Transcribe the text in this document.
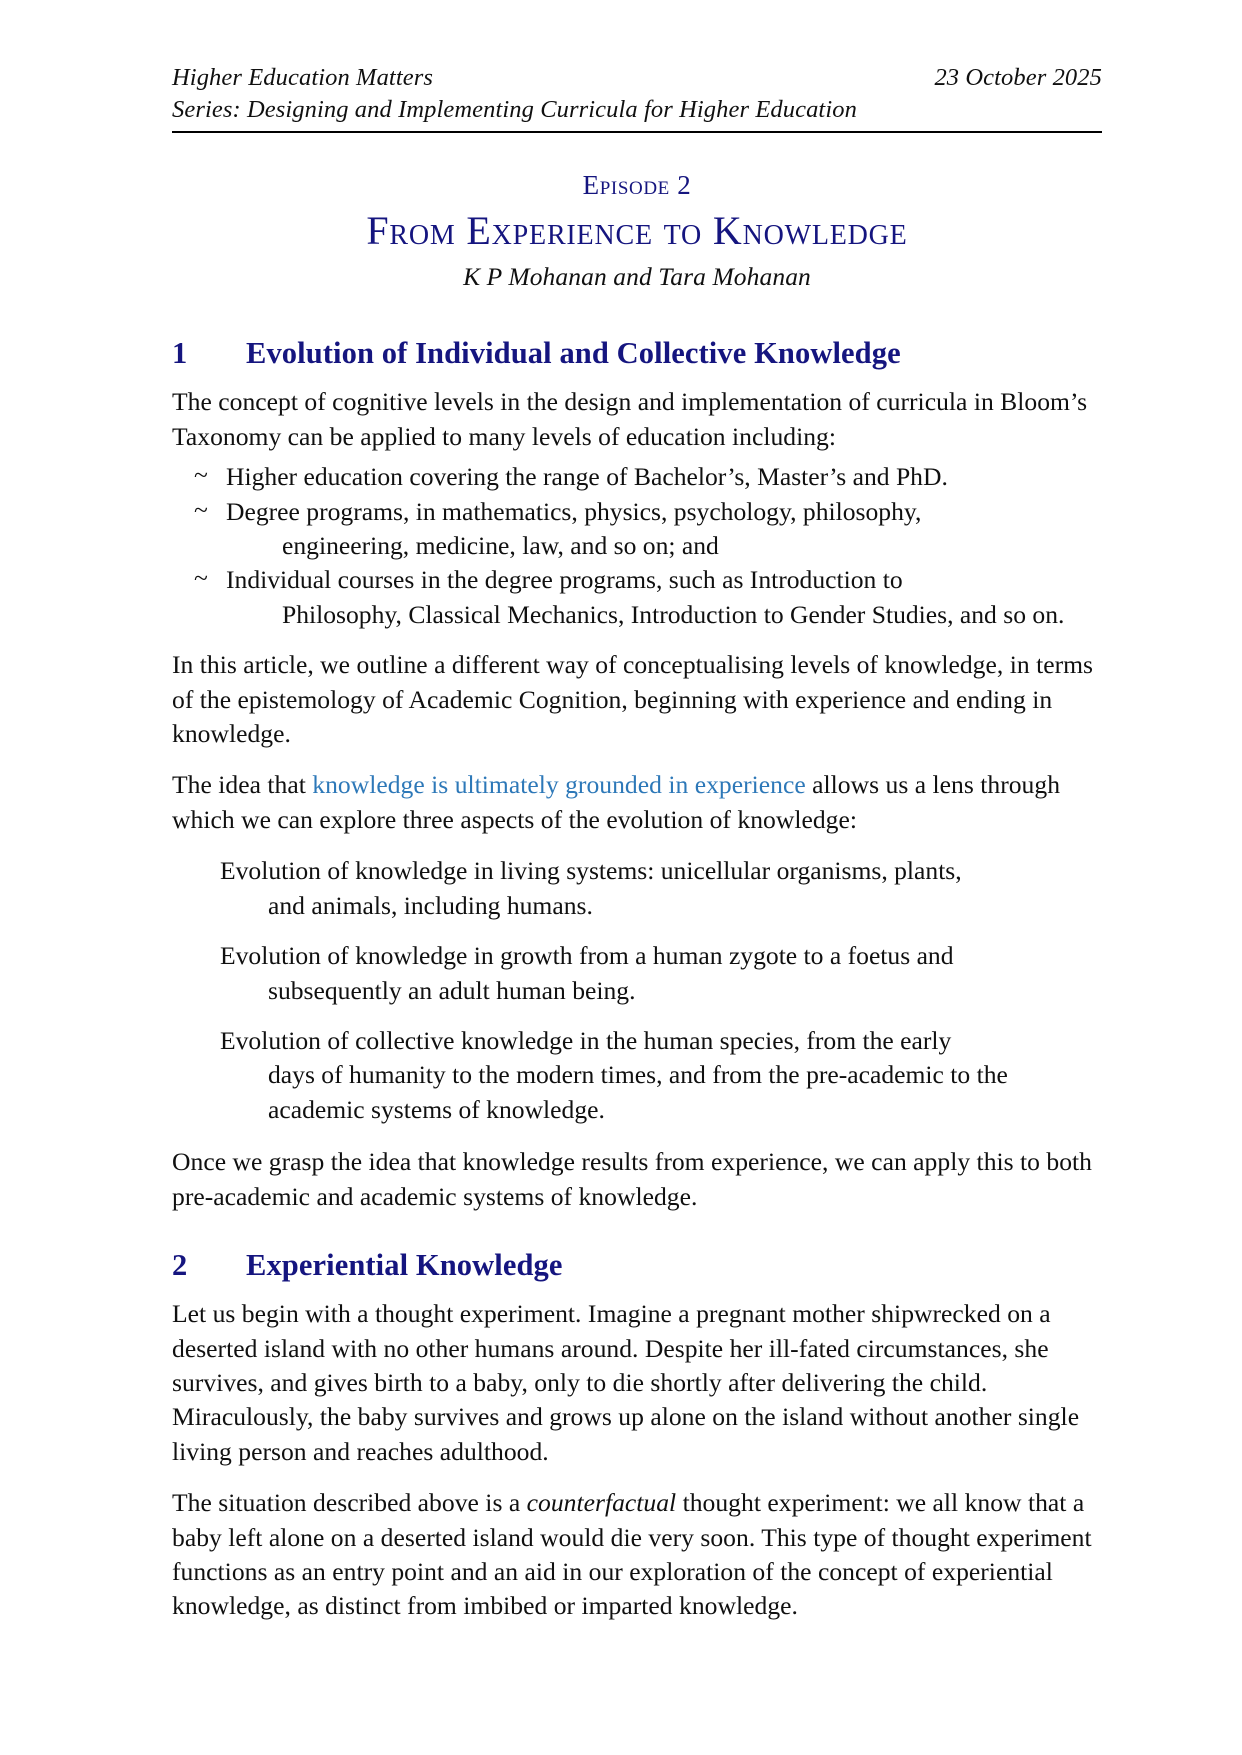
Higher Education Matters	23 October 2025
Series: Designing and Implementing Curricula for Higher Education
Episode 2
From Experience to Knowledge
K P Mohanan and Tara Mohanan
1	Evolution of Individual and Collective Knowledge

The concept of cognitive levels in the design and implementation of curricula in Bloom’s Taxonomy can be applied to many levels of education including:

~ Higher education covering the range of Bachelor’s, Master’s and PhD.
~ Degree programs, in mathematics, physics, psychology, philosophy,
engineering, medicine, law, and so on; and
~ Individual courses in the degree programs, such as Introduction to
Philosophy, Classical Mechanics, Introduction to Gender Studies, and so on.

In this article, we outline a different way of conceptualising levels of knowledge, in terms of the epistemology of Academic Cognition, beginning with experience and ending in knowledge.

The idea that knowledge is ultimately grounded in experience allows us a lens through which we can explore three aspects of the evolution of knowledge:

Evolution of knowledge in living systems: unicellular organisms, plants,
and animals, including humans.

Evolution of knowledge in growth from a human zygote to a foetus and
subsequently an adult human being.

Evolution of collective knowledge in the human species, from the early
days of humanity to the modern times, and from the pre-academic to the academic systems of knowledge.

Once we grasp the idea that knowledge results from experience, we can apply this to both pre-academic and academic systems of knowledge.

2	Experiential Knowledge

Let us begin with a thought experiment. Imagine a pregnant mother shipwrecked on a deserted island with no other humans around. Despite her ill-fated circumstances, she survives, and gives birth to a baby, only to die shortly after delivering the child. Miraculously, the baby survives and grows up alone on the island without another single living person and reaches adulthood.

The situation described above is a counterfactual thought experiment: we all know that a baby left alone on a deserted island would die very soon. This type of thought experiment functions as an entry point and an aid in our exploration of the concept of experiential knowledge, as distinct from imbibed or imparted knowledge.
